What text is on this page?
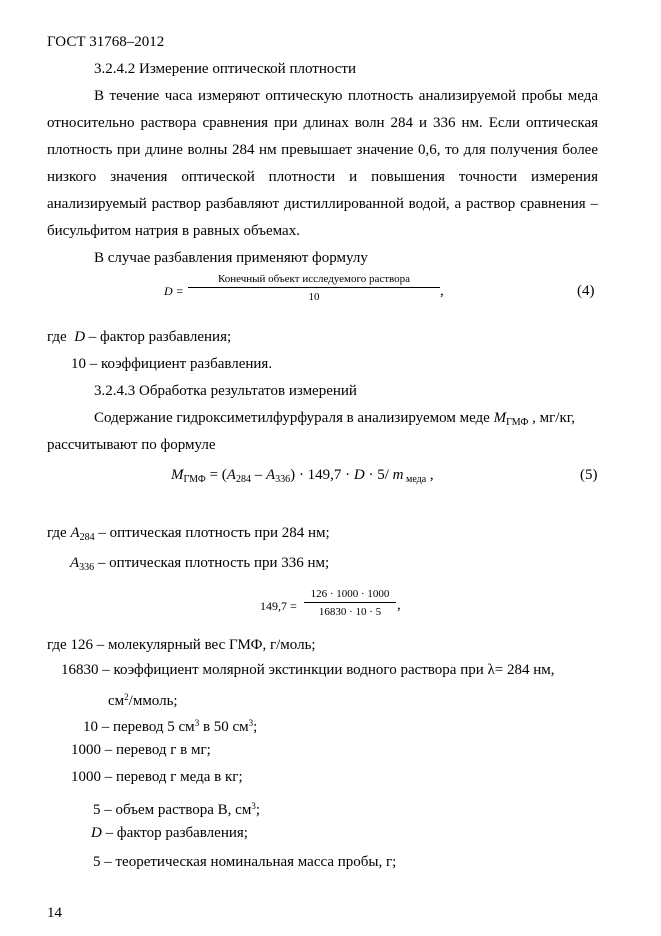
ГОСТ 31768–2012
3.2.4.2 Измерение оптической плотности
В течение часа измеряют оптическую плотность анализируемой пробы меда
относительно раствора сравнения при длинах волн 284 и 336 нм. Если оптическая
плотность при длине волны 284 нм превышает значение 0,6, то для получения более
низкого значения оптической плотности и повышения точности измерения
анализируемый раствор разбавляют дистиллированной водой, а раствор сравнения –
бисульфитом натрия в равных объемах.
В случае разбавления применяют формулу
D =
Конечный объект исследуемого раствора
10	,	(4)
где D – фактор разбавления;
10 – коэффициент разбавления.
3.2.4.3 Обработка результатов измерений
Содержание гидроксиметилфурфураля в анализируемом меде $M_{ГМФ}$ , мг/кг,
рассчитывают по формуле
$M_{ГМФ} = (A_{284} - A_{336}) \cdot 149,7 \cdot D \cdot 5/$ m $_{меда}$ ,	(5)
где $A_{284}$ – оптическая плотность при 284 нм;
$A_{336}$ – оптическая плотность при 336 нм;
$149,7 = \frac{126 \cdot 1000 \cdot 1000}{16830 \cdot 10 \cdot 5}$ ,
где 126 – молекулярный вес ГМФ, г/моль;
16830 – коэффициент молярной экстинкции водного раствора при λ= 284 нм,
$см^2$/ммоль;
10 – перевод 5 $см^3$ в 50 $см^3$;
1000 – перевод г в мг;
1000 – перевод г меда в кг;
5 – объем раствора В, $см^3$;
D – фактор разбавления;
5 – теоретическая номинальная масса пробы, г;
14
